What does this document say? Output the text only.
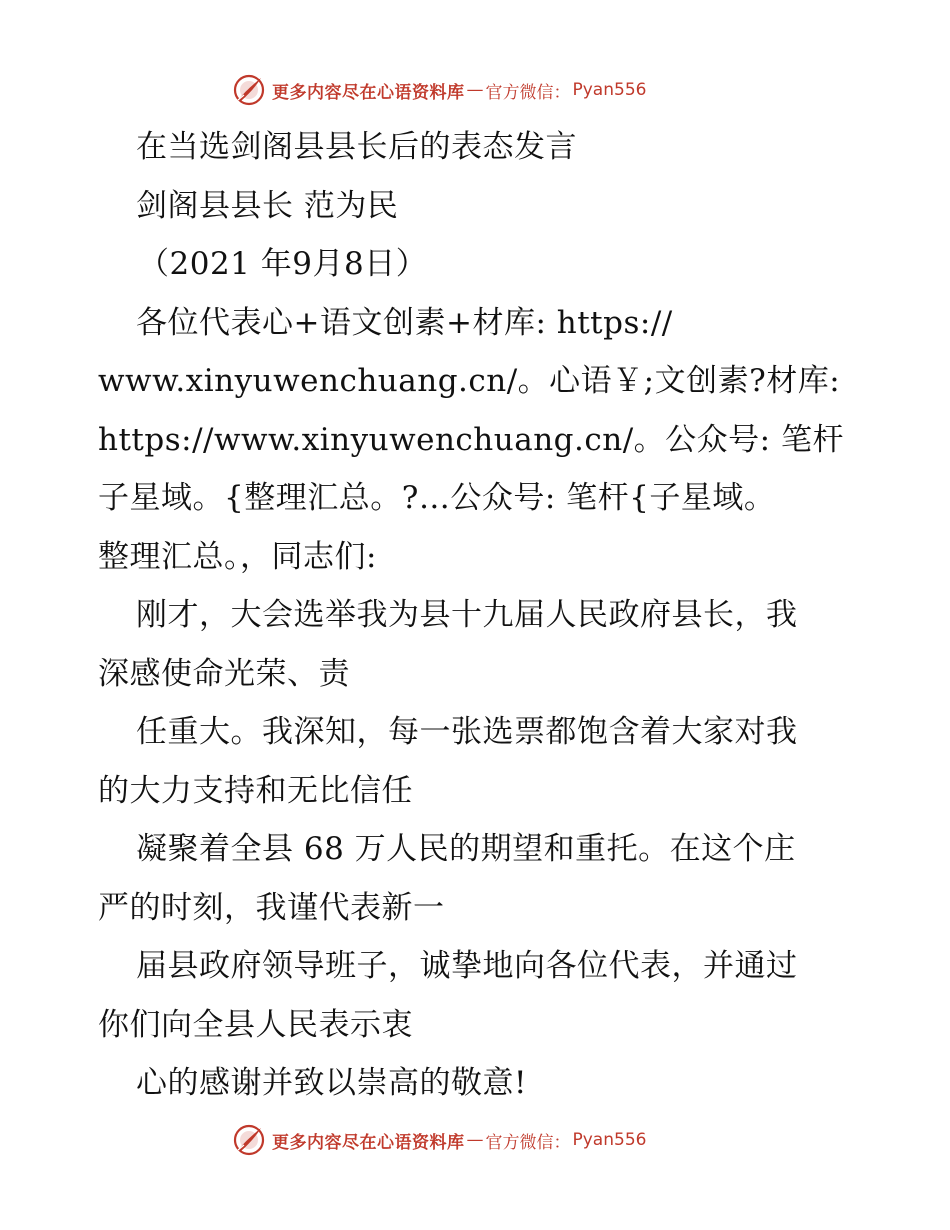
更多内容尽在心语资料库 — 官方微信： Pyan556
在当选剑阁县县长后的表态发言
剑阁县县长 范为民
（2021 年9月8日）
各位代表心+语文创素+材库: https://
www.xinyuwenchuang.cn/。心语￥;文创素?材库:
https://www.xinyuwenchuang.cn/。公众号: 笔杆
子星域。{整理汇总。?…公众号: 笔杆{子星域。
整理汇总。，同志们:
刚才，大会选举我为县十九届人民政府县长，我
深感使命光荣、责
任重大。我深知，每一张选票都饱含着大家对我
的大力支持和无比信任
凝聚着全县 68 万人民的期望和重托。在这个庄
严的时刻，我谨代表新一
届县政府领导班子，诚挚地向各位代表，并通过
你们向全县人民表示衷
心的感谢并致以崇高的敬意!
更多内容尽在心语资料库 — 官方微信： Pyan556
